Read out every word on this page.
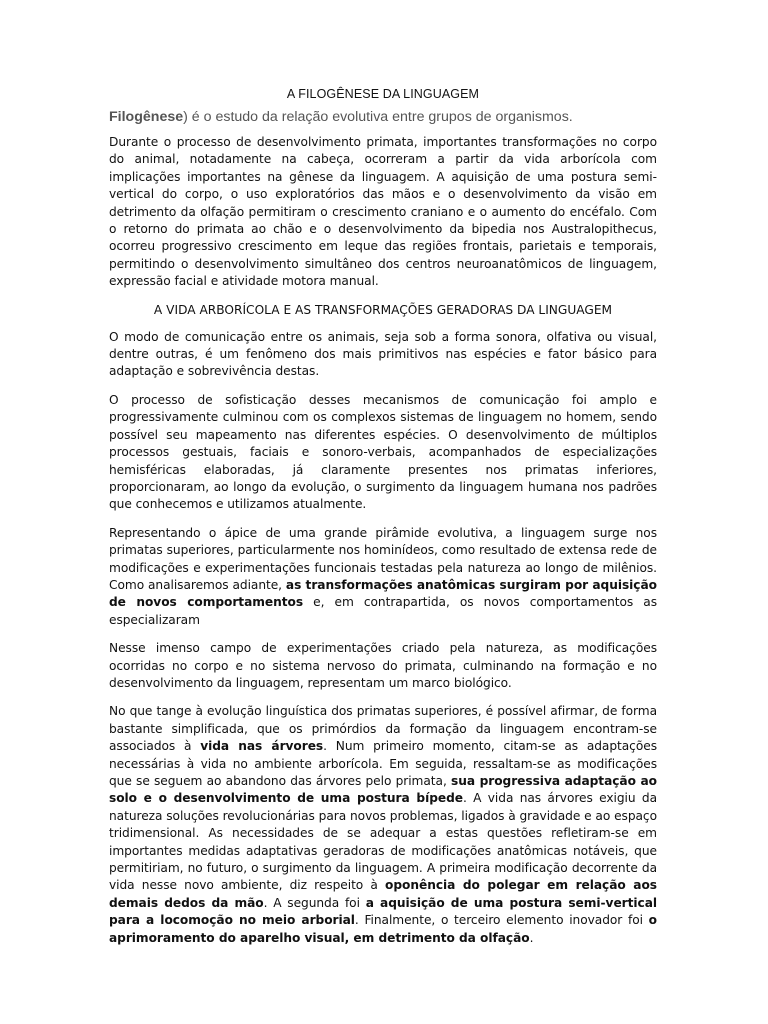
A FILOGÊNESE DA LINGUAGEM

Filogênese) é o estudo da relação evolutiva entre grupos de organismos.

Durante o processo de desenvolvimento primata, importantes transformações no corpo do animal, notadamente na cabeça, ocorreram a partir da vida arborícola com implicações importantes na gênese da linguagem. A aquisição de uma postura semi-vertical do corpo, o uso exploratórios das mãos e o desenvolvimento da visão em detrimento da olfação permitiram o crescimento craniano e o aumento do encéfalo. Com o retorno do primata ao chão e o desenvolvimento da bipedia nos Australopithecus, ocorreu progressivo crescimento em leque das regiões frontais, parietais e temporais, permitindo o desenvolvimento simultâneo dos centros neuroanatômicos de linguagem, expressão facial e atividade motora manual.

A VIDA ARBORÍCOLA E AS TRANSFORMAÇÕES GERADORAS DA LINGUAGEM

O modo de comunicação entre os animais, seja sob a forma sonora, olfativa ou visual, dentre outras, é um fenômeno dos mais primitivos nas espécies e fator básico para adaptação e sobrevivência destas.

O processo de sofisticação desses mecanismos de comunicação foi amplo e progressivamente culminou com os complexos sistemas de linguagem no homem, sendo possível seu mapeamento nas diferentes espécies. O desenvolvimento de múltiplos processos gestuais, faciais e sonoro-verbais, acompanhados de especializações hemisféricas elaboradas, já claramente presentes nos primatas inferiores, proporcionaram, ao longo da evolução, o surgimento da linguagem humana nos padrões que conhecemos e utilizamos atualmente.

Representando o ápice de uma grande pirâmide evolutiva, a linguagem surge nos primatas superiores, particularmente nos hominídeos, como resultado de extensa rede de modificações e experimentações funcionais testadas pela natureza ao longo de milênios. Como analisaremos adiante, as transformações anatômicas surgiram por aquisição de novos comportamentos e, em contrapartida, os novos comportamentos as especializaram

Nesse imenso campo de experimentações criado pela natureza, as modificações ocorridas no corpo e no sistema nervoso do primata, culminando na formação e no desenvolvimento da linguagem, representam um marco biológico.

No que tange à evolução linguística dos primatas superiores, é possível afirmar, de forma bastante simplificada, que os primórdios da formação da linguagem encontram-se associados à vida nas árvores. Num primeiro momento, citam-se as adaptações necessárias à vida no ambiente arborícola. Em seguida, ressaltam-se as modificações que se seguem ao abandono das árvores pelo primata, sua progressiva adaptação ao solo e o desenvolvimento de uma postura bípede. A vida nas árvores exigiu da natureza soluções revolucionárias para novos problemas, ligados à gravidade e ao espaço tridimensional. As necessidades de se adequar a estas questões refletiram-se em importantes medidas adaptativas geradoras de modificações anatômicas notáveis, que permitiriam, no futuro, o surgimento da linguagem. A primeira modificação decorrente da vida nesse novo ambiente, diz respeito à oponência do polegar em relação aos demais dedos da mão. A segunda foi a aquisição de uma postura semi-vertical para a locomoção no meio arborial. Finalmente, o terceiro elemento inovador foi o aprimoramento do aparelho visual, em detrimento da olfação.
